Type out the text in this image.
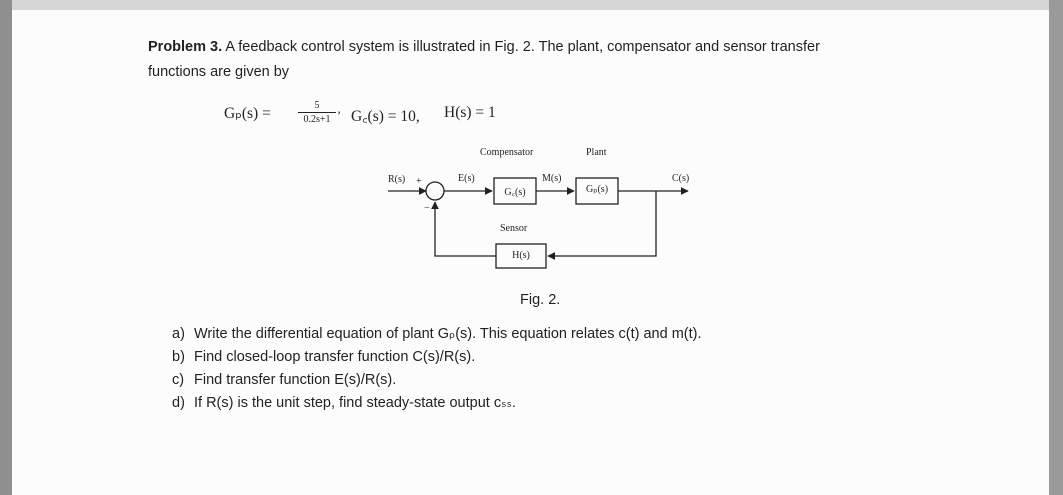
Problem 3. A feedback control system is illustrated in Fig. 2. The plant, compensator and sensor transfer
functions are given by
Gₚ(s) =	5
0.2s+1 ’ G꜀(s) = 10, H(s) = 1
Compensator	Plant
Sensor
R(s) +
−
E(s)	M(s)	C(s)
G꜀(s)	Gₚ(s)
H(s)
Fig. 2.
a) Write the differential equation of plant Gₚ(s). This equation relates c(t) and m(t).
b) Find closed-loop transfer function C(s)/R(s).
c) Find transfer function E(s)/R(s).
d) If R(s) is the unit step, find steady-state output cₛₛ.
